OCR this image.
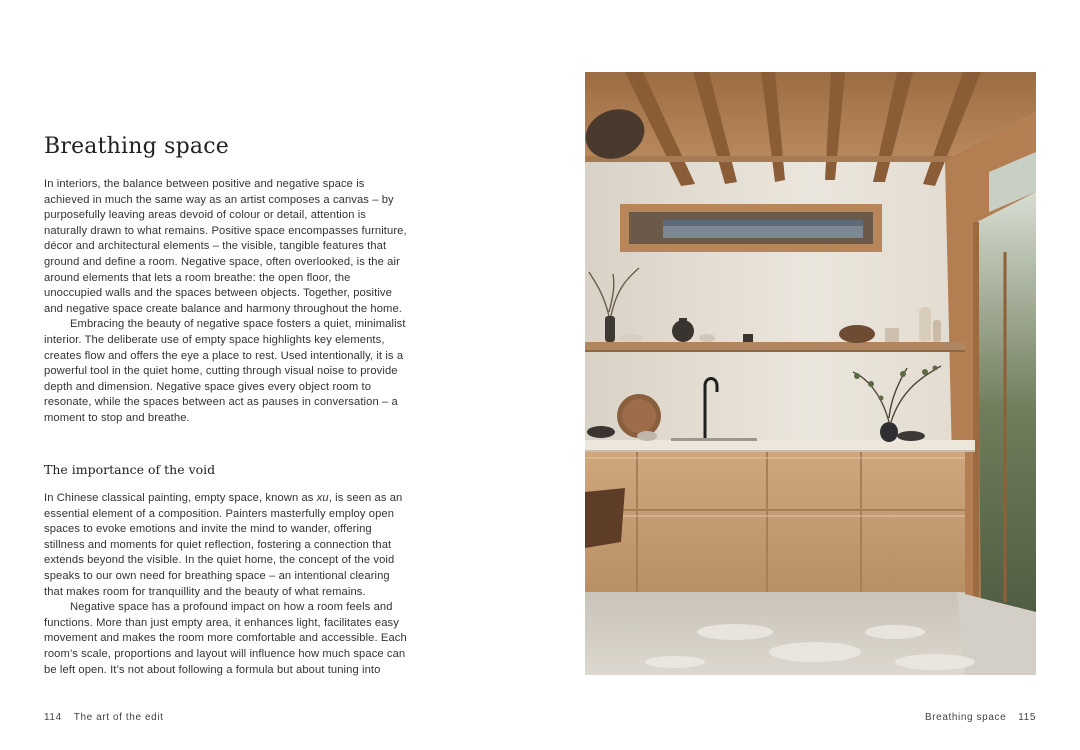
Breathing space

In interiors, the balance between positive and negative space is achieved in much the same way as an artist composes a canvas – by purposefully leaving areas devoid of colour or detail, attention is naturally drawn to what remains. Positive space encompasses furniture, décor and architectural elements – the visible, tangible features that ground and define a room. Negative space, often overlooked, is the air around elements that lets a room breathe: the open floor, the unoccupied walls and the spaces between objects. Together, positive and negative space create balance and harmony throughout the home.

Embracing the beauty of negative space fosters a quiet, minimalist interior. The deliberate use of empty space highlights key elements, creates flow and offers the eye a place to rest. Used intentionally, it is a powerful tool in the quiet home, cutting through visual noise to provide depth and dimension. Negative space gives every object room to resonate, while the spaces between act as pauses in conversation – a moment to stop and breathe.

The importance of the void

In Chinese classical painting, empty space, known as xu, is seen as an essential element of a composition. Painters masterfully employ open spaces to evoke emotions and invite the mind to wander, offering stillness and moments for quiet reflection, fostering a connection that extends beyond the visible. In the quiet home, the concept of the void speaks to our own need for breathing space – an intentional clearing that makes room for tranquillity and the beauty of what remains.

Negative space has a profound impact on how a room feels and functions. More than just empty area, it enhances light, facilitates easy movement and makes the room more comfortable and accessible. Each room’s scale, proportions and layout will influence how much space can be left open. It’s not about following a formula but about tuning into

114 The art of the edit	Breathing space 115
